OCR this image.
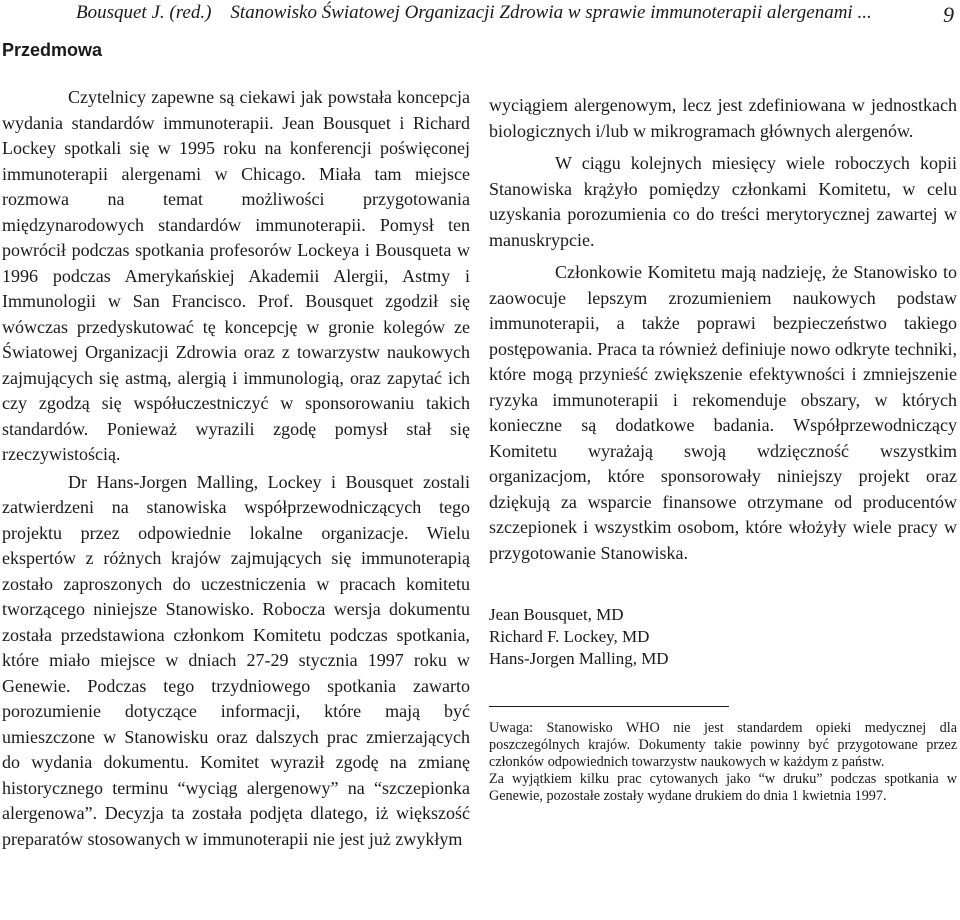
Bousquet J. (red.)    Stanowisko Światowej Organizacji Zdrowia w sprawie immunoterapii alergenami ...	9
Przedmowa

Czytelnicy zapewne są ciekawi jak powstała koncepcja wydania standardów immunoterapii. Jean Bousquet i Richard Lockey spotkali się w 1995 roku na konferencji poświęconej immunoterapii alergenami w Chicago. Miała tam miejsce rozmowa na temat możliwości przygotowania międzynarodowych standardów immunoterapii. Pomysł ten powrócił podczas spotkania profesorów Lockeya i Bousqueta w 1996 podczas Amerykańskiej Akademii Alergii, Astmy i Immunologii w San Francisco. Prof. Bousquet zgodził się wówczas przedyskutować tę koncepcję w gronie kolegów ze Światowej Organizacji Zdrowia oraz z towarzystw naukowych zajmujących się astmą, alergią i immunologią, oraz zapytać ich czy zgodzą się współuczestniczyć w sponsorowaniu takich standardów. Ponieważ wyrazili zgodę pomysł stał się rzeczywistością.

Dr Hans-Jorgen Malling, Lockey i Bousquet zostali zatwierdzeni na stanowiska współprzewodniczących tego projektu przez odpowiednie lokalne organizacje. Wielu ekspertów z różnych krajów zajmujących się immunoterapią zostało zaproszonych do uczestniczenia w pracach komitetu tworzącego niniejsze Stanowisko. Robocza wersja dokumentu została przedstawiona członkom Komitetu podczas spotkania, które miało miejsce w dniach 27-29 stycznia 1997 roku w Genewie. Podczas tego trzydniowego spotkania zawarto porozumienie dotyczące informacji, które mają być umieszczone w Stanowisku oraz dalszych prac zmierzających do wydania dokumentu. Komitet wyraził zgodę na zmianę historycznego terminu “wyciąg alergenowy” na “szczepionka alergenowa”. Decyzja ta została podjęta dlatego, iż większość preparatów stosowanych w immunoterapii nie jest już zwykłym

wyciągiem alergenowym, lecz jest zdefiniowana w jednostkach biologicznych i/lub w mikrogramach głównych alergenów.

W ciągu kolejnych miesięcy wiele roboczych kopii Stanowiska krążyło pomiędzy członkami Komitetu, w celu uzyskania porozumienia co do treści merytorycznej zawartej w manuskrypcie.

Członkowie Komitetu mają nadzieję, że Stanowisko to zaowocuje lepszym zrozumieniem naukowych podstaw immunoterapii, a także poprawi bezpieczeństwo takiego postępowania. Praca ta również definiuje nowo odkryte techniki, które mogą przynieść zwiększenie efektywności i zmniejszenie ryzyka immunoterapii i rekomenduje obszary, w których konieczne są dodatkowe badania. Współprzewodniczący Komitetu wyrażają swoją wdzięczność wszystkim organizacjom, które sponsorowały niniejszy projekt oraz dziękują za wsparcie finansowe otrzymane od producentów szczepionek i wszystkim osobom, które włożyły wiele pracy w przygotowanie Stanowiska.

Jean Bousquet, MD
Richard F. Lockey, MD
Hans-Jorgen Malling, MD

Uwaga: Stanowisko WHO nie jest standardem opieki medycznej dla poszczególnych krajów. Dokumenty takie powinny być przygotowane przez członków odpowiednich towarzystw naukowych w każdym z państw.

Za wyjątkiem kilku prac cytowanych jako “w druku” podczas spotkania w Genewie, pozostałe zostały wydane drukiem do dnia 1 kwietnia 1997.
